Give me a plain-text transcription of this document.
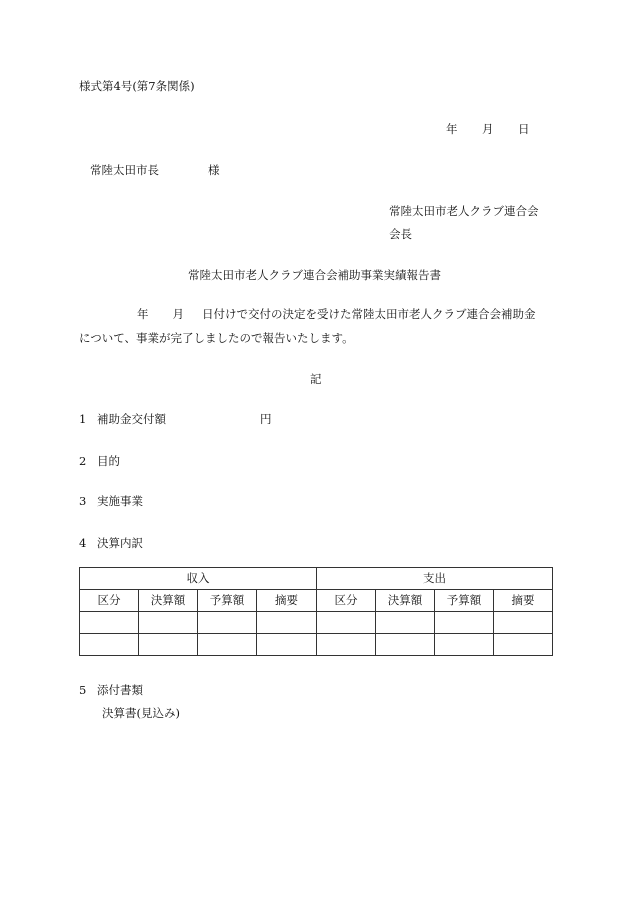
様式第4号(第7条関係)
年 月 日
常陸太田市長	様
常陸太田市老人クラブ連合会
会長
常陸太田市老人クラブ連合会補助事業実績報告書
年 月 日付けで交付の決定を受けた常陸太田市老人クラブ連合会補助金
について、事業が完了しましたので報告いたします。
記
1 補助金交付額	円
2 目的
3 実施事業
4 決算内訳
収入				支出			
区分	決算額	予算額	摘要	区分	決算額	予算額	摘要

5 添付書類
決算書(見込み)
